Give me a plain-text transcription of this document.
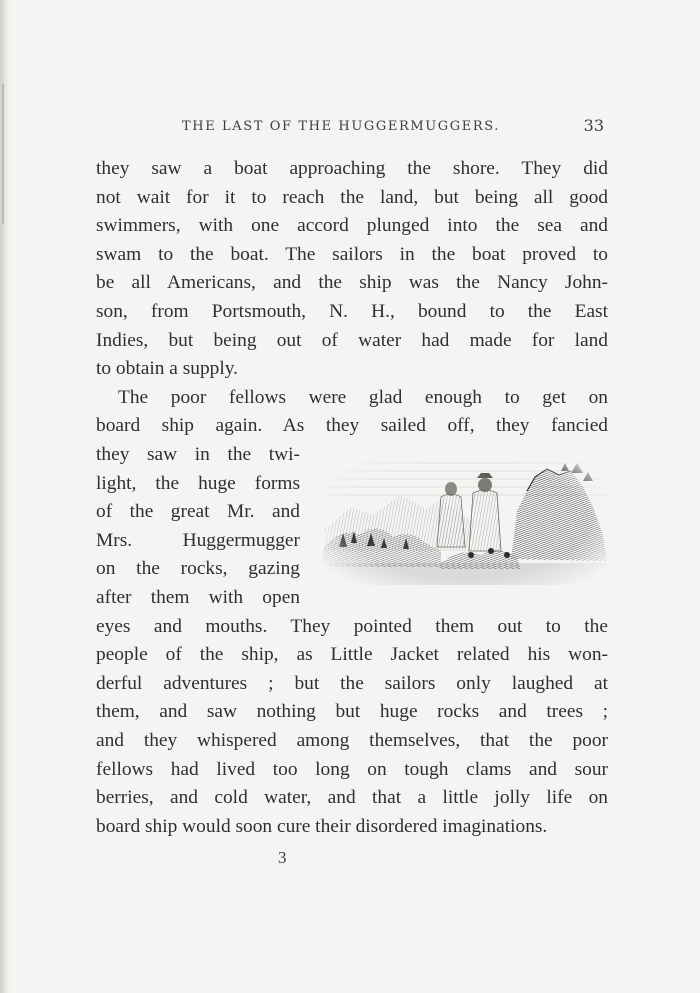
THE LAST OF THE HUGGERMUGGERS.	33
they saw a boat approaching the shore. They did
not wait for it to reach the land, but being all good
swimmers, with one accord plunged into the sea and
swam to the boat. The sailors in the boat proved to
be all Americans, and the ship was the Nancy John-
son, from Portsmouth, N. H., bound to the East
Indies, but being out of water had made for land
to obtain a supply.
The poor fellows were glad enough to get on
board ship again. As they sailed off, they fancied
they saw in the twi-
light, the huge forms
of the great Mr. and
Mrs. Huggermugger
on the rocks, gazing
after them with open
eyes and mouths. They pointed them out to the
people of the ship, as Little Jacket related his won-
derful adventures ; but the sailors only laughed at
them, and saw nothing but huge rocks and trees ;
and they whispered among themselves, that the poor
fellows had lived too long on tough clams and sour
berries, and cold water, and that a little jolly life on
board ship would soon cure their disordered imaginations.
3
